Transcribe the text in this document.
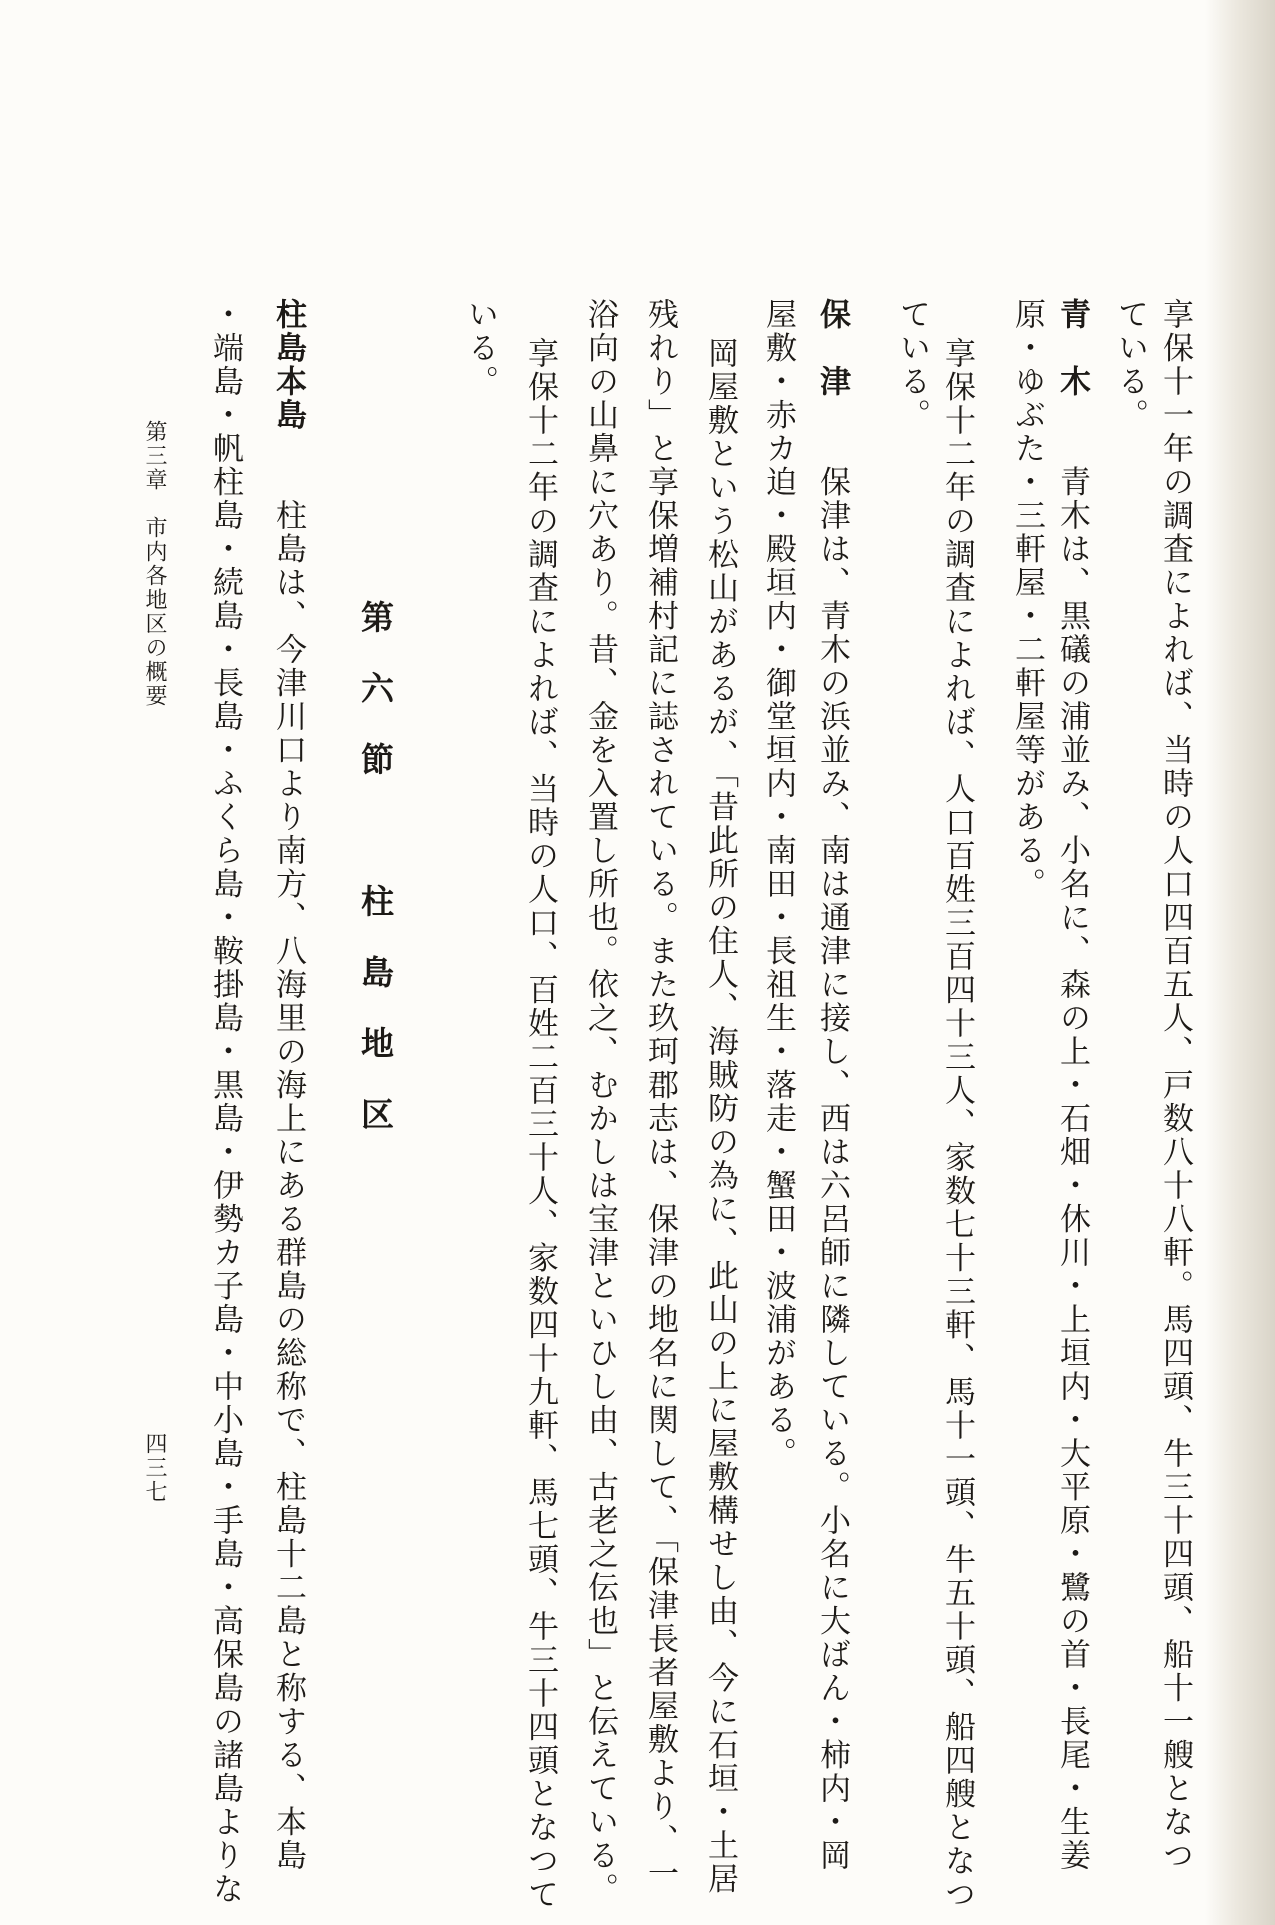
享保十一年の調査によれば、当時の人口四百五人、戸数八十八軒。馬四頭、牛三十四頭、船十一艘となつ
ている。
青　木　　青木は、黒礒の浦並み、小名に、森の上・石畑・休川・上垣内・大平原・鷺の首・長尾・生姜
原・ゆぶた・三軒屋・二軒屋等がある。
享保十二年の調査によれば、人口百姓三百四十三人、家数七十三軒、馬十一頭、牛五十頭、船四艘となつ
ている。
保　津　　保津は、青木の浜並み、南は通津に接し、西は六呂師に隣している。小名に大ばん・柿内・岡
屋敷・赤カ迫・殿垣内・御堂垣内・南田・長祖生・落走・蟹田・波浦がある。
岡屋敷という松山があるが、「昔此所の住人、海賊防の為に、此山の上に屋敷構せし由、今に石垣・土居
残れり」と享保増補村記に誌されている。また玖珂郡志は、保津の地名に関して、「保津長者屋敷より、一
浴向の山鼻に穴あり。昔、金を入置し所也。依之、むかしは宝津といひし由、古老之伝也」と伝えている。
享保十二年の調査によれば、当時の人口、百姓二百三十人、家数四十九軒、馬七頭、牛三十四頭となつて
いる。
第六節　柱島地区
柱島本島　　柱島は、今津川口より南方、八海里の海上にある群島の総称で、柱島十二島と称する、本島
・端島・帆柱島・続島・長島・ふくら島・鞍掛島・黒島・伊勢カ子島・中小島・手島・高保島の諸島よりな
第三章　市内各地区の概要
四三七
